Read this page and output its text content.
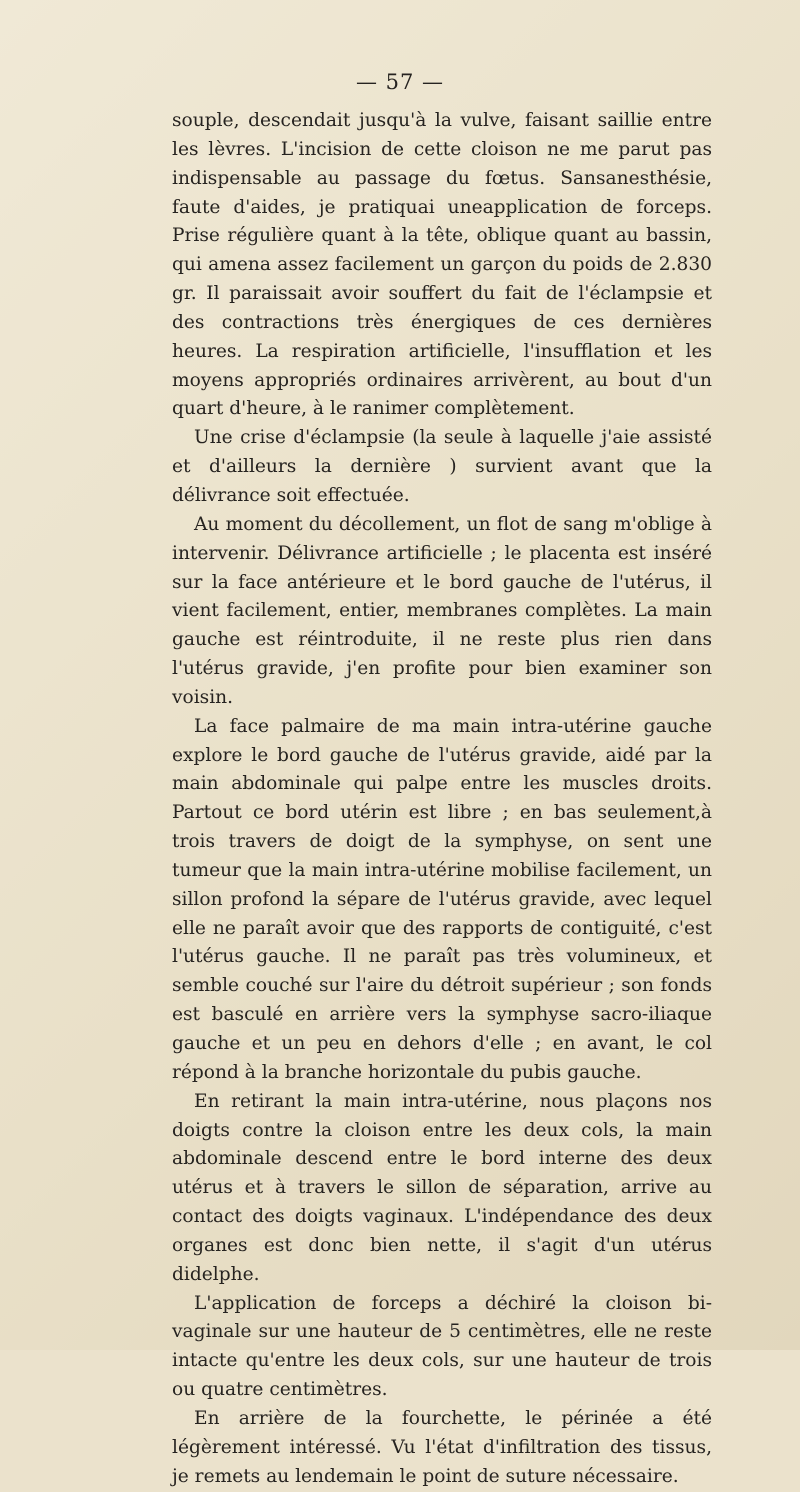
— 57 —

souple, descendait jusqu'à la vulve, faisant saillie entre les lèvres. L'incision de cette cloison ne me parut pas indispensable au passage du fœtus. Sansanesthésie, faute d'aides, je pratiquai uneapplication de forceps. Prise régulière quant à la tête, oblique quant au bassin, qui amena assez facilement un garçon du poids de 2.830 gr. Il paraissait avoir souffert du fait de l'éclampsie et des contractions très énergiques de ces dernières heures. La respiration artificielle, l'insufflation et les moyens appropriés ordinaires arrivèrent, au bout d'un quart d'heure, à le ranimer complètement.

Une crise d'éclampsie (la seule à laquelle j'aie assisté et d'ailleurs la dernière ) survient avant que la délivrance soit effectuée.

Au moment du décollement, un flot de sang m'oblige à intervenir. Délivrance artificielle ; le placenta est inséré sur la face antérieure et le bord gauche de l'utérus, il vient facilement, entier, membranes complètes. La main gauche est réintroduite, il ne reste plus rien dans l'utérus gravide, j'en profite pour bien examiner son voisin.

La face palmaire de ma main intra-utérine gauche explore le bord gauche de l'utérus gravide, aidé par la main abdominale qui palpe entre les muscles droits. Partout ce bord utérin est libre ; en bas seulement,à trois travers de doigt de la symphyse, on sent une tumeur que la main intra-utérine mobilise facilement, un sillon profond la sépare de l'utérus gravide, avec lequel elle ne paraît avoir que des rapports de contiguité, c'est l'utérus gauche. Il ne paraît pas très volumineux, et semble couché sur l'aire du détroit supérieur ; son fonds est basculé en arrière vers la symphyse sacro-iliaque gauche et un peu en dehors d'elle ; en avant, le col répond à la branche horizontale du pubis gauche.

En retirant la main intra-utérine, nous plaçons nos doigts contre la cloison entre les deux cols, la main abdominale descend entre le bord interne des deux utérus et à travers le sillon de séparation, arrive au contact des doigts vaginaux. L'indépendance des deux organes est donc bien nette, il s'agit d'un utérus didelphe.

L'application de forceps a déchiré la cloison bi-vaginale sur une hauteur de 5 centimètres, elle ne reste intacte qu'entre les deux cols, sur une hauteur de trois ou quatre centimètres.

En arrière de la fourchette, le périnée a été légèrement intéressé. Vu l'état d'infiltration des tissus, je remets au lendemain le point de suture nécessaire.
